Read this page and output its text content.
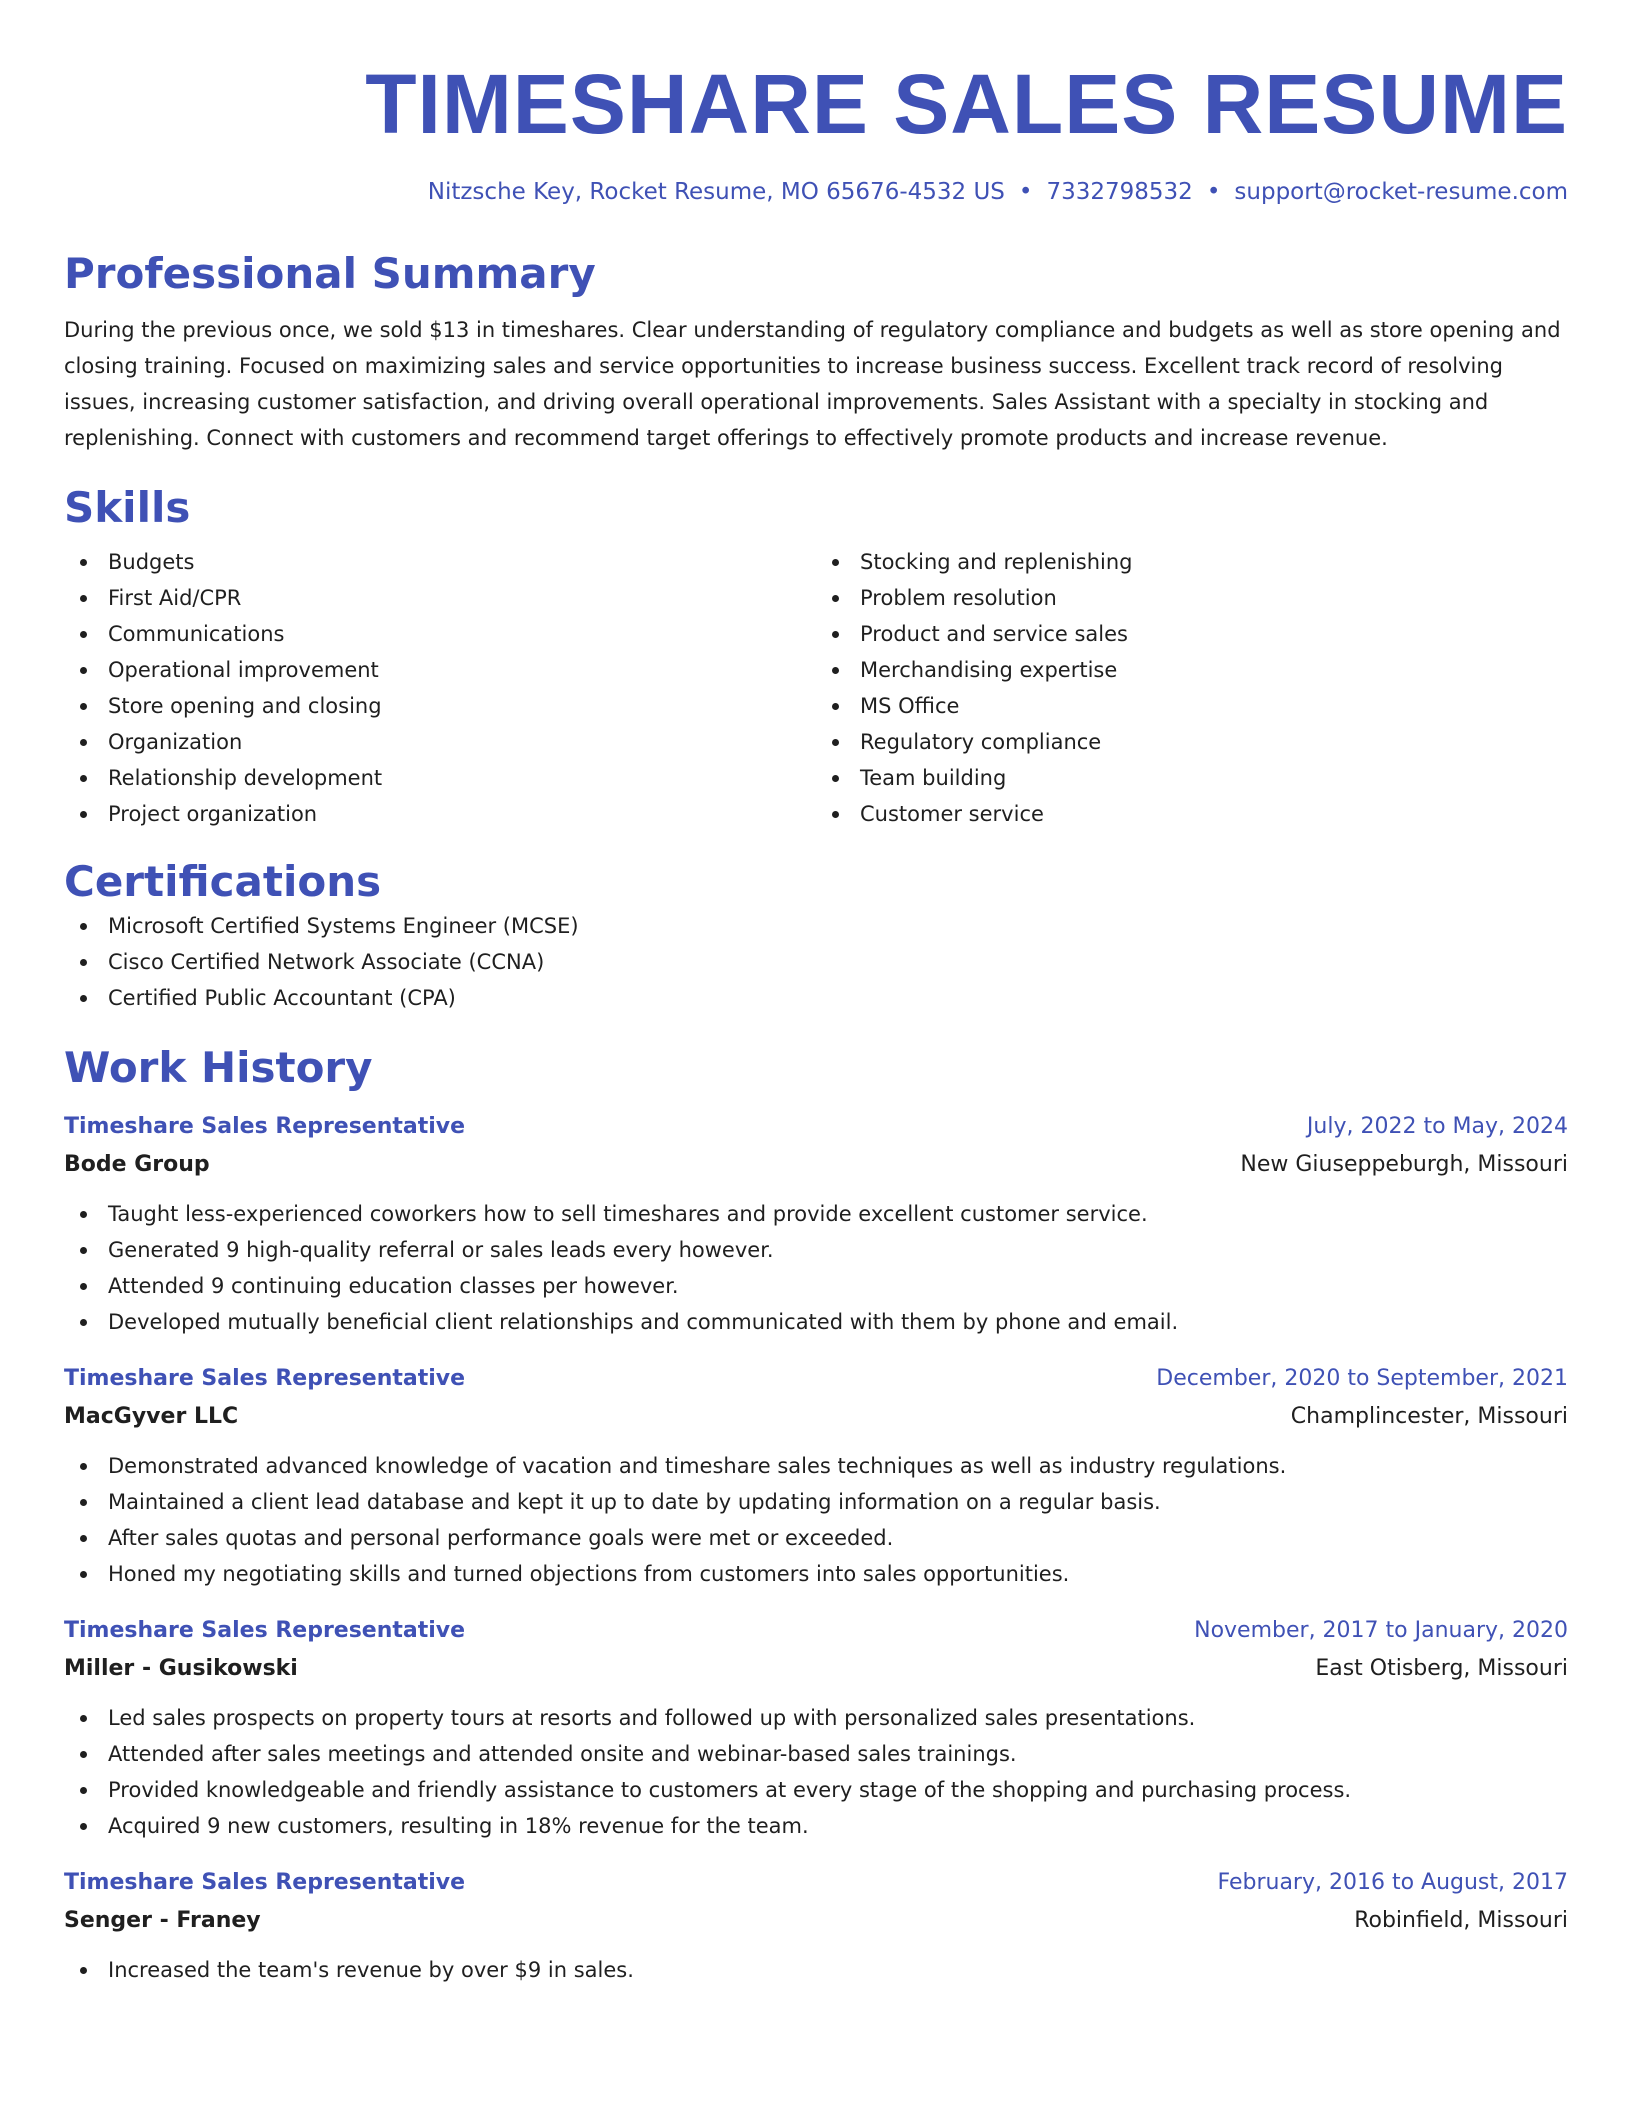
TIMESHARE SALES RESUME
Nitzsche Key, Rocket Resume, MO 65676-4532 US • 7332798532 • support@rocket-resume.com
Professional Summary

During the previous once, we sold $13 in timeshares. Clear understanding of regulatory compliance and budgets as well as store opening and closing training. Focused on maximizing sales and service opportunities to increase business success. Excellent track record of resolving issues, increasing customer satisfaction, and driving overall operational improvements. Sales Assistant with a specialty in stocking and replenishing. Connect with customers and recommend target offerings to effectively promote products and increase revenue.

Skills
Budgets
First Aid/CPR
Communications
Operational improvement
Store opening and closing
Organization
Relationship development
Project organization
Stocking and replenishing
Problem resolution
Product and service sales
Merchandising expertise
MS Office
Regulatory compliance
Team building
Customer service
Certifications
Microsoft Certified Systems Engineer (MCSE)
Cisco Certified Network Associate (CCNA)
Certified Public Accountant (CPA)
Work History
Timeshare Sales Representative	July, 2022 to May, 2024
Bode Group	New Giuseppeburgh, Missouri
Taught less-experienced coworkers how to sell timeshares and provide excellent customer service.
Generated 9 high-quality referral or sales leads every however.
Attended 9 continuing education classes per however.
Developed mutually beneficial client relationships and communicated with them by phone and email.
Timeshare Sales Representative	December, 2020 to September, 2021
MacGyver LLC	Champlincester, Missouri
Demonstrated advanced knowledge of vacation and timeshare sales techniques as well as industry regulations.
Maintained a client lead database and kept it up to date by updating information on a regular basis.
After sales quotas and personal performance goals were met or exceeded.
Honed my negotiating skills and turned objections from customers into sales opportunities.
Timeshare Sales Representative	November, 2017 to January, 2020
Miller - Gusikowski	East Otisberg, Missouri
Led sales prospects on property tours at resorts and followed up with personalized sales presentations.
Attended after sales meetings and attended onsite and webinar-based sales trainings.
Provided knowledgeable and friendly assistance to customers at every stage of the shopping and purchasing process.
Acquired 9 new customers, resulting in 18% revenue for the team.
Timeshare Sales Representative	February, 2016 to August, 2017
Senger - Franey	Robinfield, Missouri
Increased the team's revenue by over $9 in sales.
